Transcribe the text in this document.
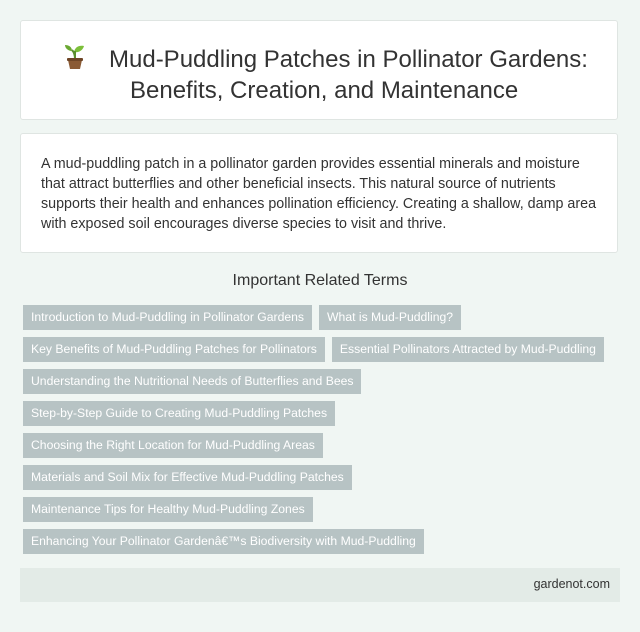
Mud-Puddling Patches in Pollinator Gardens:
Benefits, Creation, and Maintenance

A mud-puddling patch in a pollinator garden provides essential minerals and moisture that attract butterflies and other beneficial insects. This natural source of nutrients supports their health and enhances pollination efficiency. Creating a shallow, damp area with exposed soil encourages diverse species to visit and thrive.

Important Related Terms
Introduction to Mud-Puddling in Pollinator Gardens	What is Mud-Puddling?
Key Benefits of Mud-Puddling Patches for Pollinators	Essential Pollinators Attracted by Mud-Puddling
Understanding the Nutritional Needs of Butterflies and Bees
Step-by-Step Guide to Creating Mud-Puddling Patches
Choosing the Right Location for Mud-Puddling Areas
Materials and Soil Mix for Effective Mud-Puddling Patches
Maintenance Tips for Healthy Mud-Puddling Zones
Enhancing Your Pollinator Gardenâ€™s Biodiversity with Mud-Puddling
gardenot.com
